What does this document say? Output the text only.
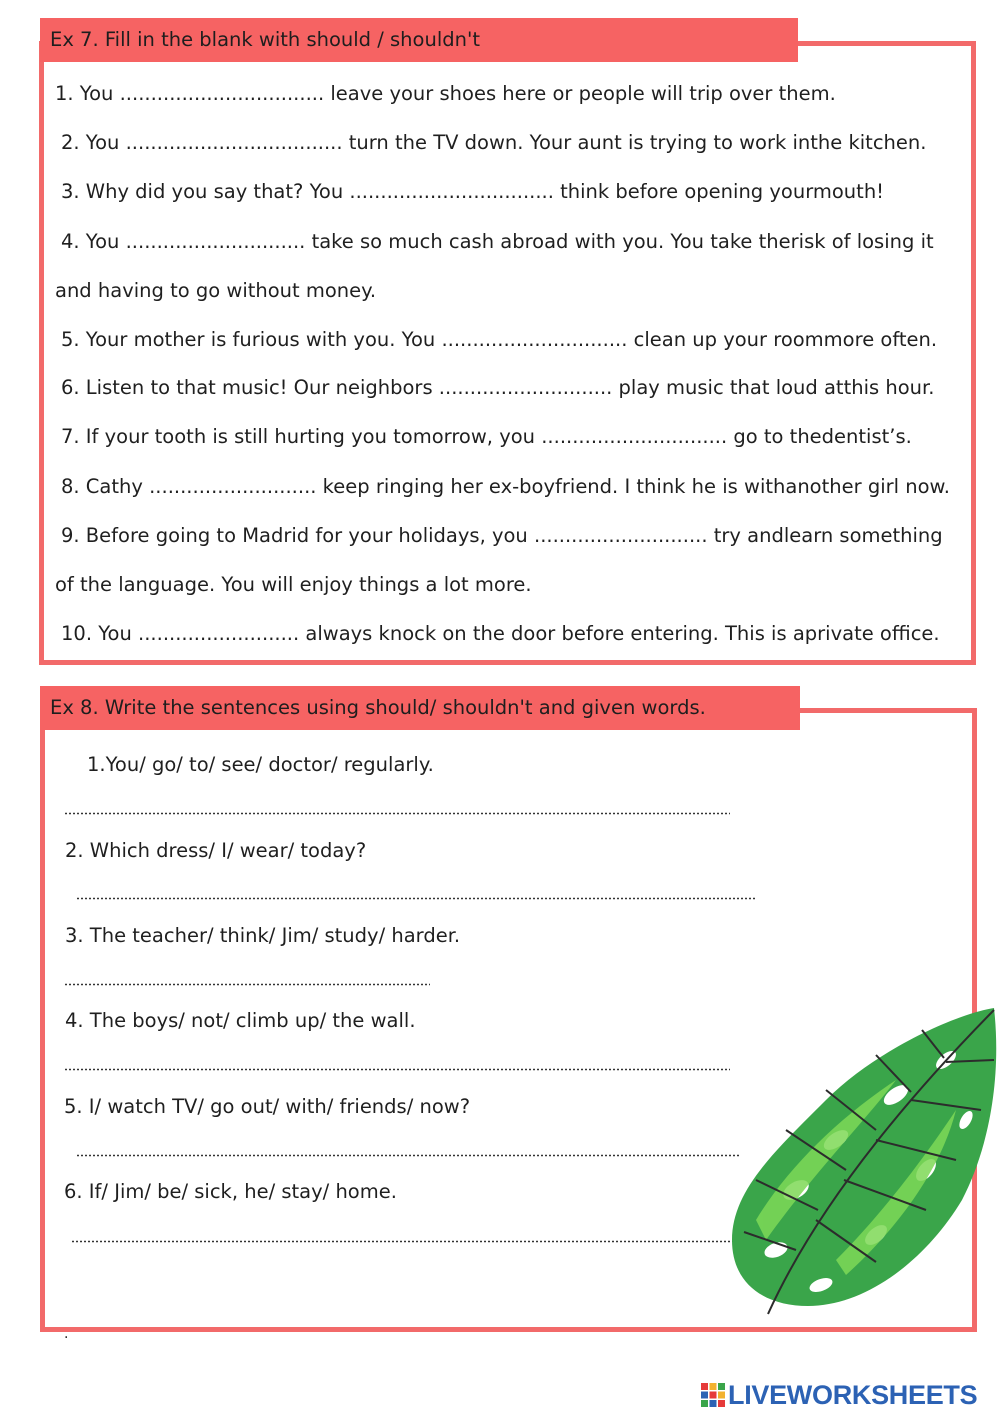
Ex 7. Fill in the blank with should / shouldn't
1. You ................................. leave your shoes here or people will trip over them.
2. You ................................... turn the TV down. Your aunt is trying to work inthe kitchen.
3. Why did you say that? You ................................. think before opening yourmouth!
4. You ............................. take so much cash abroad with you. You take therisk of losing it
and having to go without money.
5. Your mother is furious with you. You .............................. clean up your roommore often.
6. Listen to that music! Our neighbors ............................ play music that loud atthis hour.
7. If your tooth is still hurting you tomorrow, you .............................. go to thedentist’s.
8. Cathy ........................... keep ringing her ex-boyfriend. I think he is withanother girl now.
9. Before going to Madrid for your holidays, you ............................ try andlearn something
of the language. You will enjoy things a lot more.
10. You .......................... always knock on the door before entering. This is aprivate office.
Ex 8. Write the sentences using should/ shouldn't and given words.
1.You/ go/ to/ see/ doctor/ regularly.
2. Which dress/ I/ wear/ today?
3. The teacher/ think/ Jim/ study/ harder.
4. The boys/ not/ climb up/ the wall.
5. I/ watch TV/ go out/ with/ friends/ now?
6. If/ Jim/ be/ sick, he/ stay/ home.
.
LIVEWORKSHEETS
